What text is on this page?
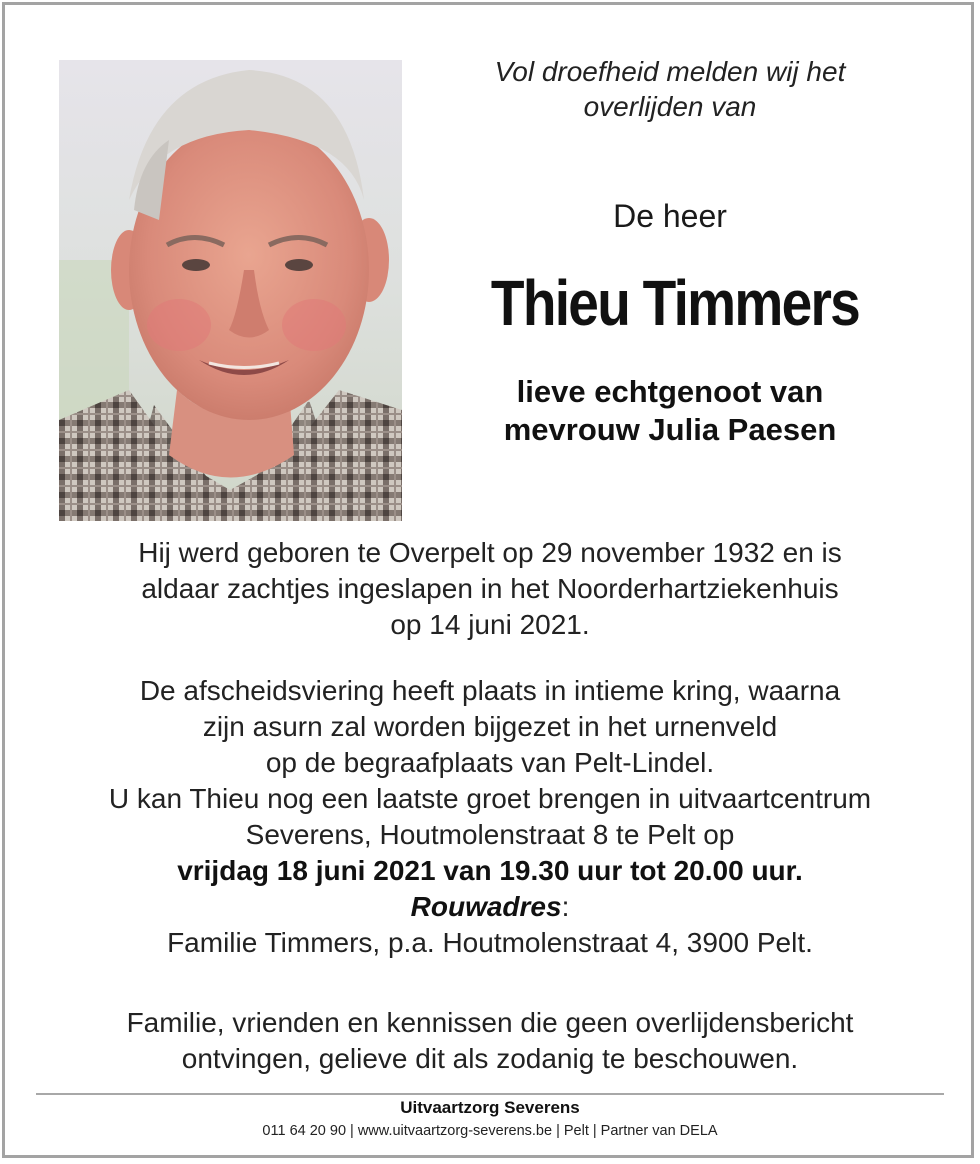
Vol droefheid melden wij het
overlijden van
De heer
Thieu Timmers
lieve echtgenoot van
mevrouw Julia Paesen
Hij werd geboren te Overpelt op 29 november 1932 en is
aldaar zachtjes ingeslapen in het Noorderhartziekenhuis
op 14 juni 2021.
De afscheidsviering heeft plaats in intieme kring, waarna
zijn asurn zal worden bijgezet in het urnenveld
op de begraafplaats van Pelt-Lindel.
U kan Thieu nog een laatste groet brengen in uitvaartcentrum
Severens, Houtmolenstraat 8 te Pelt op
vrijdag 18 juni 2021 van 19.30 uur tot 20.00 uur.
Rouwadres:
Familie Timmers, p.a. Houtmolenstraat 4, 3900 Pelt.
Familie, vrienden en kennissen die geen overlijdensbericht
ontvingen, gelieve dit als zodanig te beschouwen.
Uitvaartzorg Severens
011 64 20 90 | www.uitvaartzorg-severens.be | Pelt | Partner van DELA
